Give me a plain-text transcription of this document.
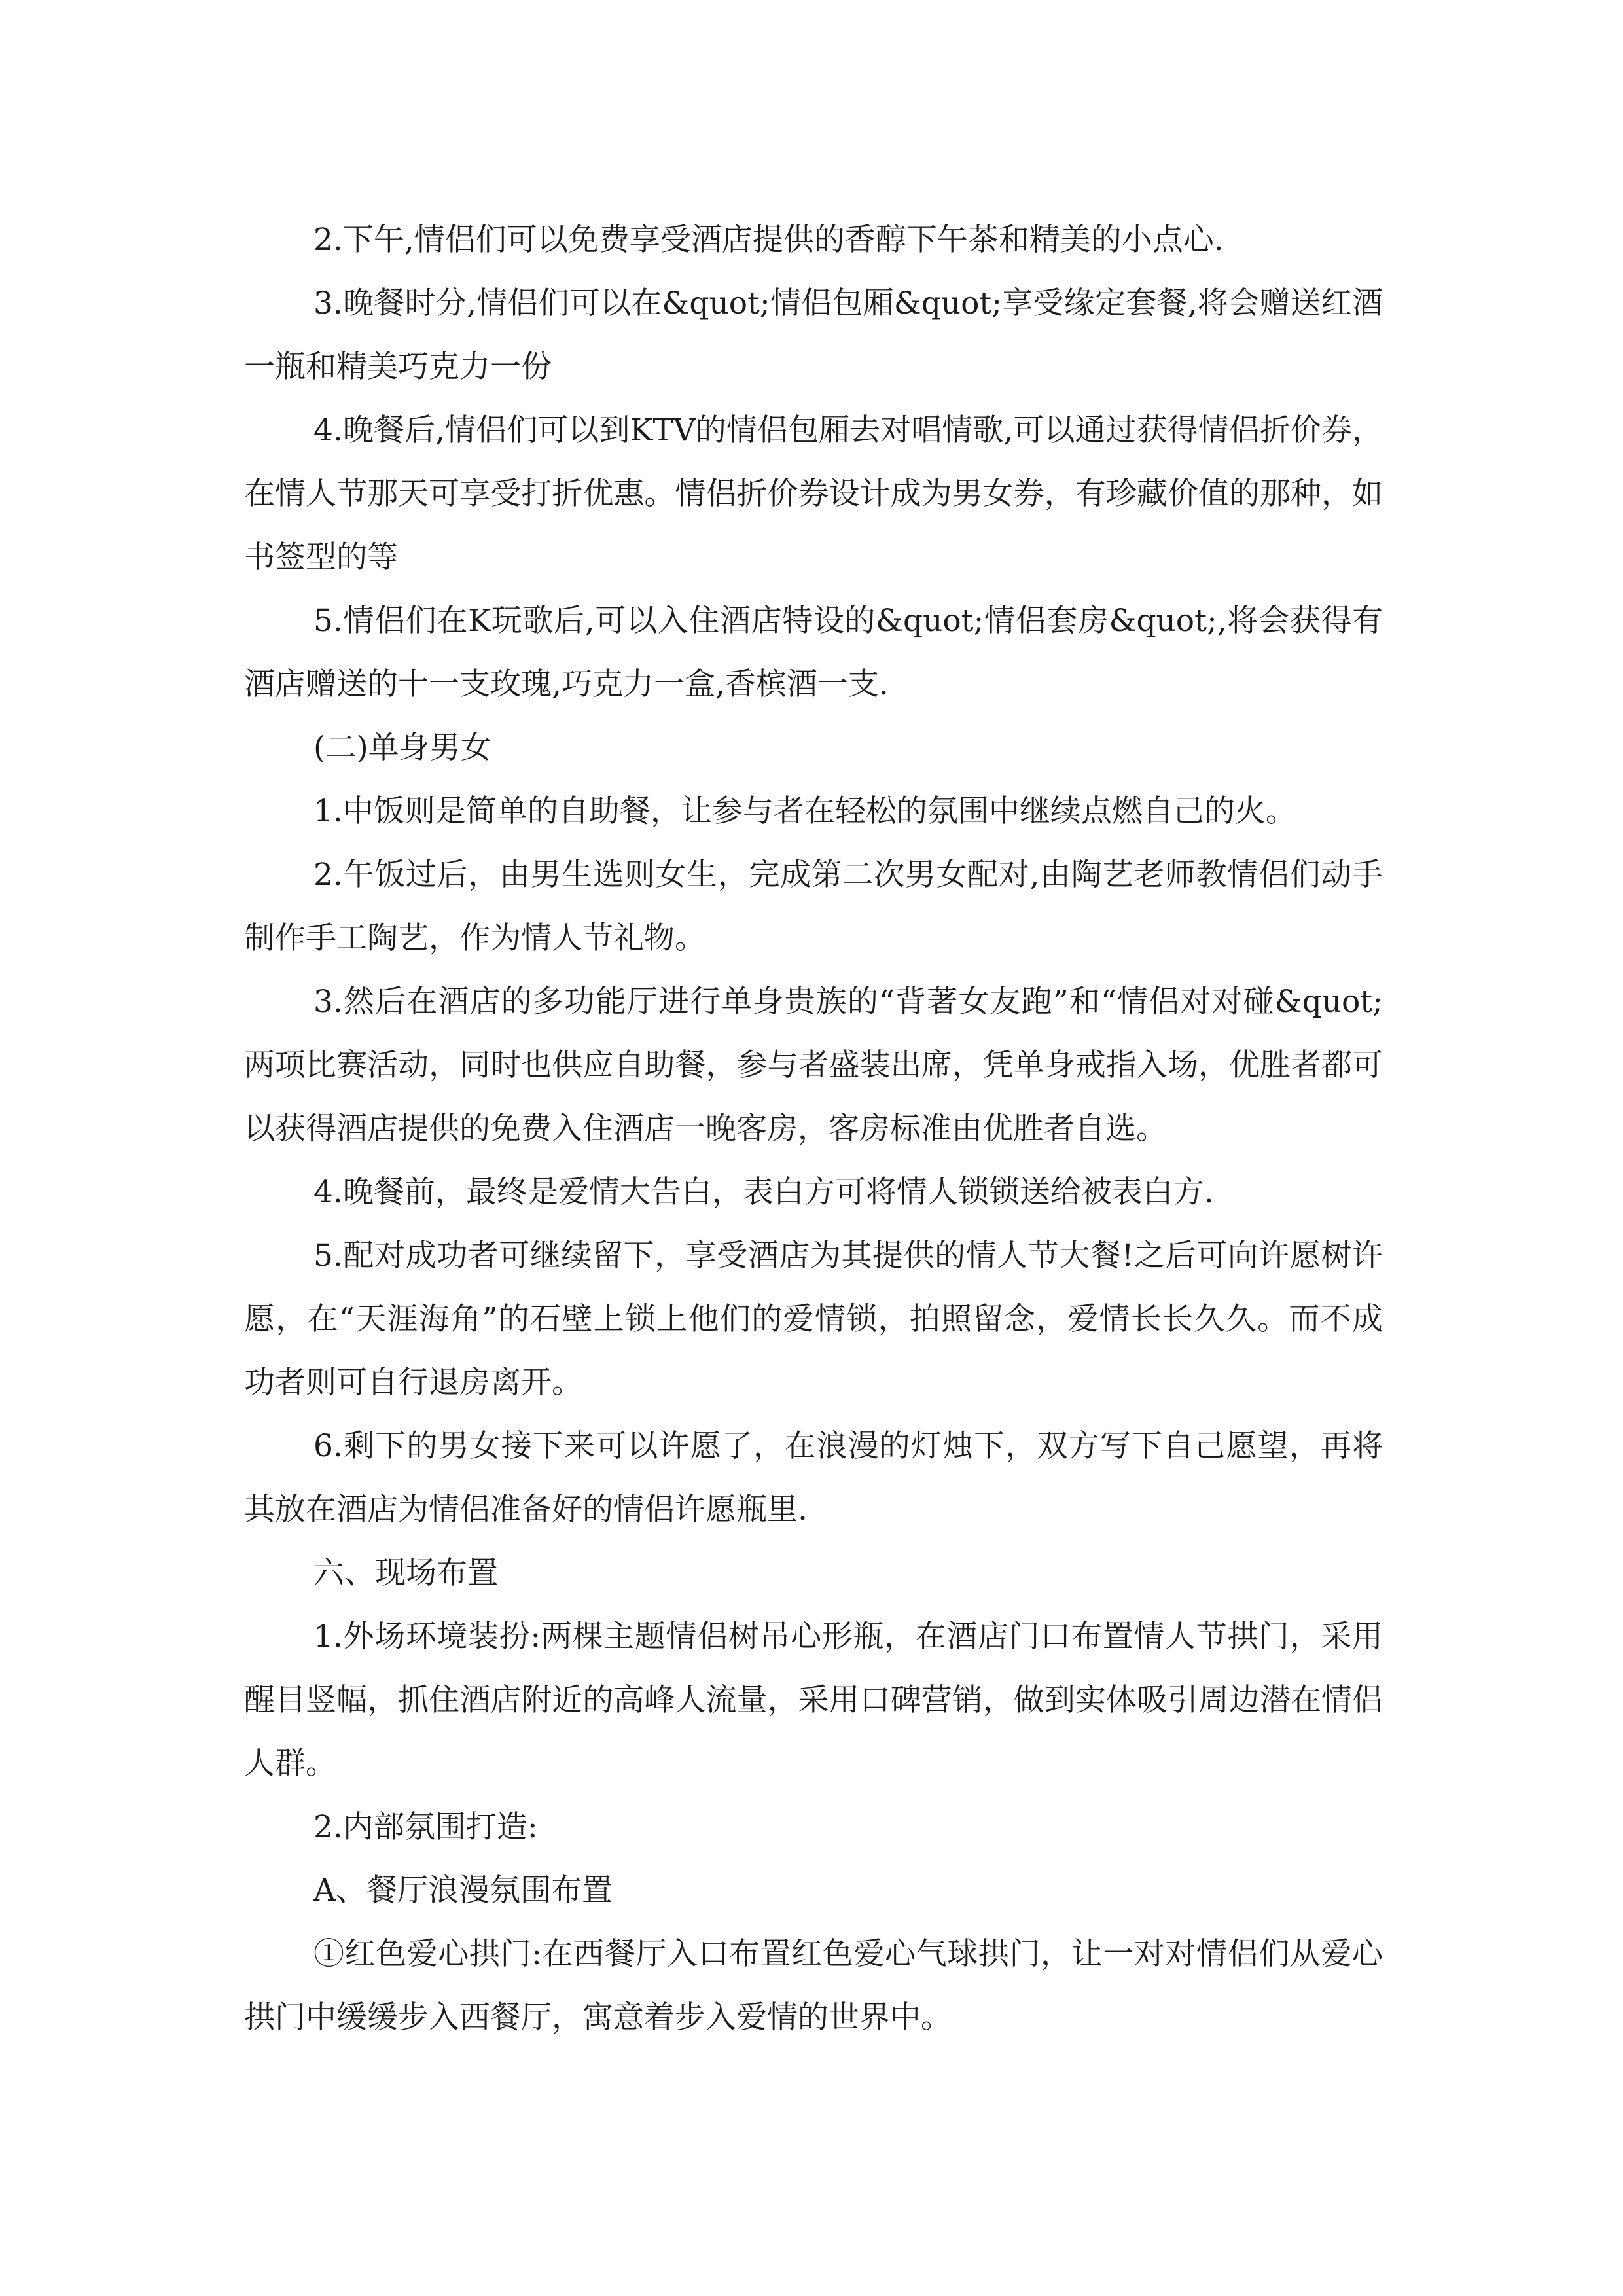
2.下午,情侣们可以免费享受酒店提供的香醇下午茶和精美的小点心.

3.晚餐时分,情侣们可以在&quot;情侣包厢&quot;享受缘定套餐,将会赠送红酒一瓶和精美巧克力一份

4.晚餐后,情侣们可以到KTV的情侣包厢去对唱情歌,可以通过获得情侣折价券，在情人节那天可享受打折优惠。情侣折价券设计成为男女券，有珍藏价值的那种，如书签型的等

5.情侣们在K玩歌后,可以入住酒店特设的&quot;情侣套房&quot;,将会获得有酒店赠送的十一支玫瑰,巧克力一盒,香槟酒一支.

(二)单身男女

1.中饭则是简单的自助餐，让参与者在轻松的氛围中继续点燃自己的火。

2.午饭过后，由男生选则女生，完成第二次男女配对,由陶艺老师教情侣们动手制作手工陶艺，作为情人节礼物。

3.然后在酒店的多功能厅进行单身贵族的“背著女友跑”和“情侣对对碰&quot;两项比赛活动，同时也供应自助餐，参与者盛装出席，凭单身戒指入场，优胜者都可以获得酒店提供的免费入住酒店一晚客房，客房标准由优胜者自选。

4.晚餐前，最终是爱情大告白，表白方可将情人锁锁送给被表白方.

5.配对成功者可继续留下，享受酒店为其提供的情人节大餐!之后可向许愿树许愿，在“天涯海角”的石壁上锁上他们的爱情锁，拍照留念，爱情长长久久。而不成功者则可自行退房离开。

6.剩下的男女接下来可以许愿了，在浪漫的灯烛下，双方写下自己愿望，再将其放在酒店为情侣准备好的情侣许愿瓶里.

六、现场布置

1.外场环境装扮:两棵主题情侣树吊心形瓶，在酒店门口布置情人节拱门，采用醒目竖幅，抓住酒店附近的高峰人流量，采用口碑营销，做到实体吸引周边潜在情侣人群。

2.内部氛围打造:

A、餐厅浪漫氛围布置

①红色爱心拱门:在西餐厅入口布置红色爱心气球拱门，让一对对情侣们从爱心拱门中缓缓步入西餐厅，寓意着步入爱情的世界中。
